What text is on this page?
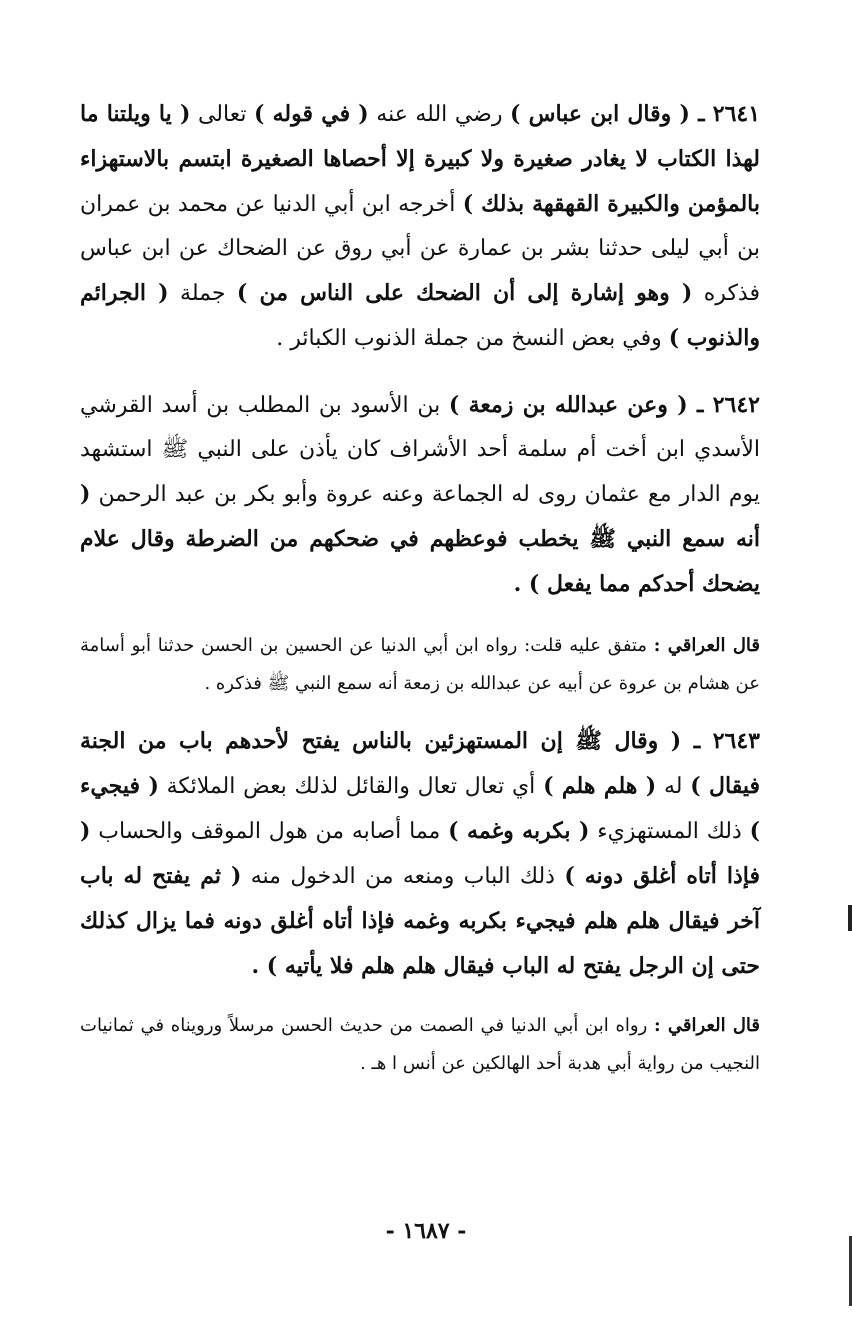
٢٦٤١ ـ ( وقال ابن عباس ) رضي الله عنه ( في قوله ) تعالى ( يا ويلتنا ما لهذا الكتاب لا يغادر صغيرة ولا كبيرة إلا أحصاها الصغيرة ابتسم بالاستهزاء بالمؤمن والكبيرة القهقهة بذلك ) أخرجه ابن أبي الدنيا عن محمد بن عمران بن أبي ليلى حدثنا بشر بن عمارة عن أبي روق عن الضحاك عن ابن عباس فذكره ( وهو إشارة إلى أن الضحك على الناس من ) جملة ( الجرائم والذنوب ) وفي بعض النسخ من جملة الذنوب الكبائر .

٢٦٤٢ ـ ( وعن عبدالله بن زمعة ) بن الأسود بن المطلب بن أسد القرشي الأسدي ابن أخت أم سلمة أحد الأشراف كان يأذن على النبي ﷺ استشهد يوم الدار مع عثمان روى له الجماعة وعنه عروة وأبو بكر بن عبد الرحمن ( أنه سمع النبي ﷺ يخطب فوعظهم في ضحكهم من الضرطة وقال علام يضحك أحدكم مما يفعل ) .

قال العراقي : متفق عليه قلت: رواه ابن أبي الدنيا عن الحسين بن الحسن حدثنا أبو أسامة عن هشام بن عروة عن أبيه عن عبدالله بن زمعة أنه سمع النبي ﷺ فذكره .

٢٦٤٣ ـ ( وقال ﷺ إن المستهزئين بالناس يفتح لأحدهم باب من الجنة فيقال ) له ( هلم هلم ) أي تعال تعال والقائل لذلك بعض الملائكة ( فيجيء ) ذلك المستهزيء ( بكربه وغمه ) مما أصابه من هول الموقف والحساب ( فإذا أتاه أغلق دونه ) ذلك الباب ومنعه من الدخول منه ( ثم يفتح له باب آخر فيقال هلم هلم فيجيء بكربه وغمه فإذا أتاه أغلق دونه فما يزال كذلك حتى إن الرجل يفتح له الباب فيقال هلم هلم فلا يأتيه ) .

قال العراقي : رواه ابن أبي الدنيا في الصمت من حديث الحسن مرسلاً ورويناه في ثمانيات النجيب من رواية أبي هدبة أحد الهالكين عن أنس ا هـ .

- ١٦٨٧ -
